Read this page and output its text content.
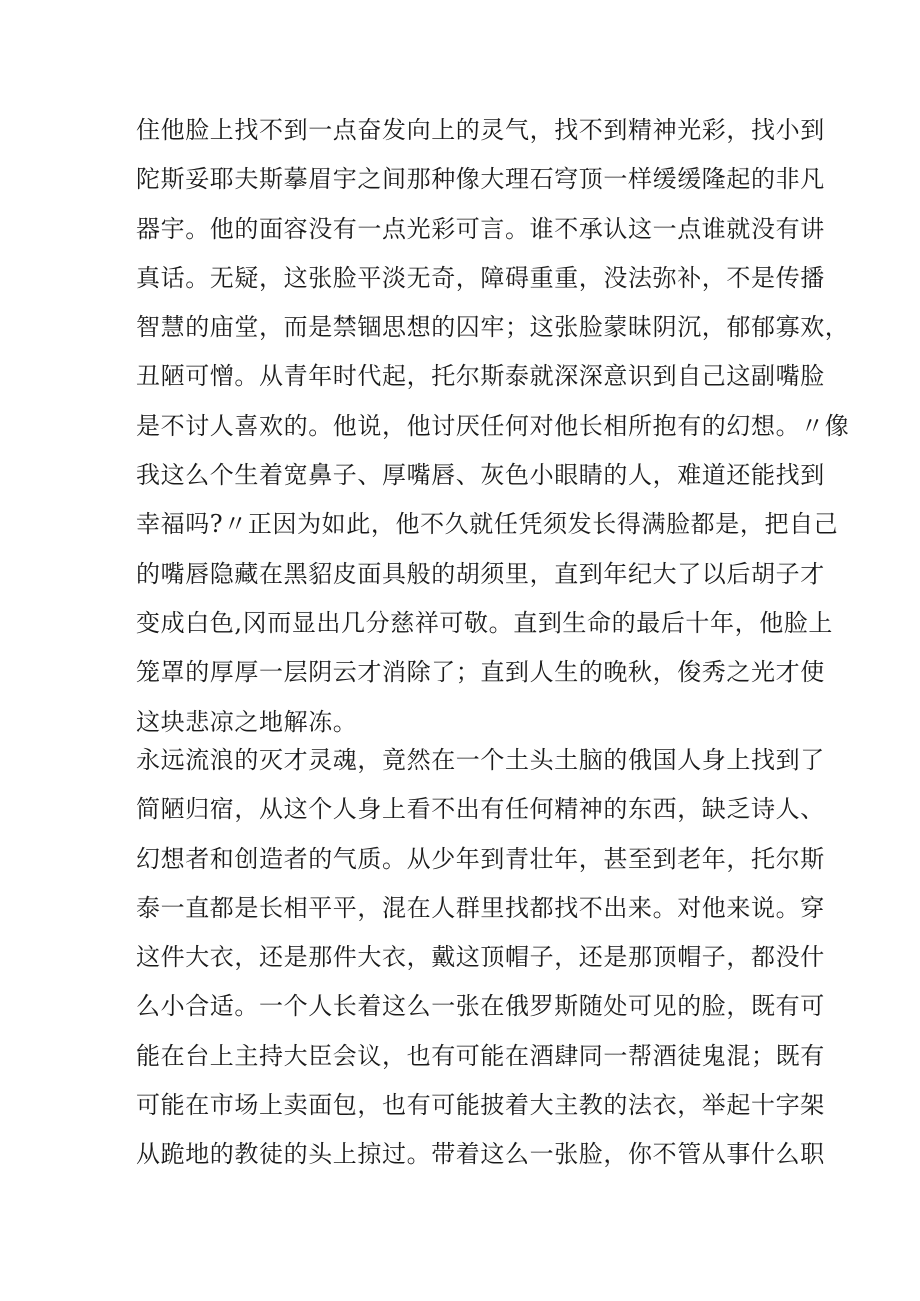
住他脸上找不到一点奋发向上的灵气，找不到精神光彩，找小到
陀斯妥耶夫斯摹眉宇之间那种像大理石穹顶一样缓缓隆起的非凡
器宇。他的面容没有一点光彩可言。谁不承认这一点谁就没有讲
真话。无疑，这张脸平淡无奇，障碍重重，没法弥补，不是传播
智慧的庙堂，而是禁锢思想的囚牢；这张脸蒙昧阴沉，郁郁寡欢，
丑陋可憎。从青年时代起，托尔斯泰就深深意识到自己这副嘴脸
是不讨人喜欢的。他说，他讨厌任何对他长相所抱有的幻想。〃像
我这么个生着宽鼻子、厚嘴唇、灰色小眼睛的人，难道还能找到
幸福吗?〃正因为如此，他不久就任凭须发长得满脸都是，把自己
的嘴唇隐藏在黑貂皮面具般的胡须里，直到年纪大了以后胡子才
变成白色,冈而显出几分慈祥可敬。直到生命的最后十年，他脸上
笼罩的厚厚一层阴云才消除了；直到人生的晚秋，俊秀之光才使
这块悲凉之地解冻。
永远流浪的灭才灵魂，竟然在一个土头土脑的俄国人身上找到了
简陋归宿，从这个人身上看不出有任何精神的东西，缺乏诗人、
幻想者和创造者的气质。从少年到青壮年，甚至到老年，托尔斯
泰一直都是长相平平，混在人群里找都找不出来。对他来说。穿
这件大衣，还是那件大衣，戴这顶帽子，还是那顶帽子，都没什
么小合适。一个人长着这么一张在俄罗斯随处可见的脸，既有可
能在台上主持大臣会议，也有可能在酒肆同一帮酒徒鬼混；既有
可能在市场上卖面包，也有可能披着大主教的法衣，举起十字架
从跪地的教徒的头上掠过。带着这么一张脸，你不管从事什么职
